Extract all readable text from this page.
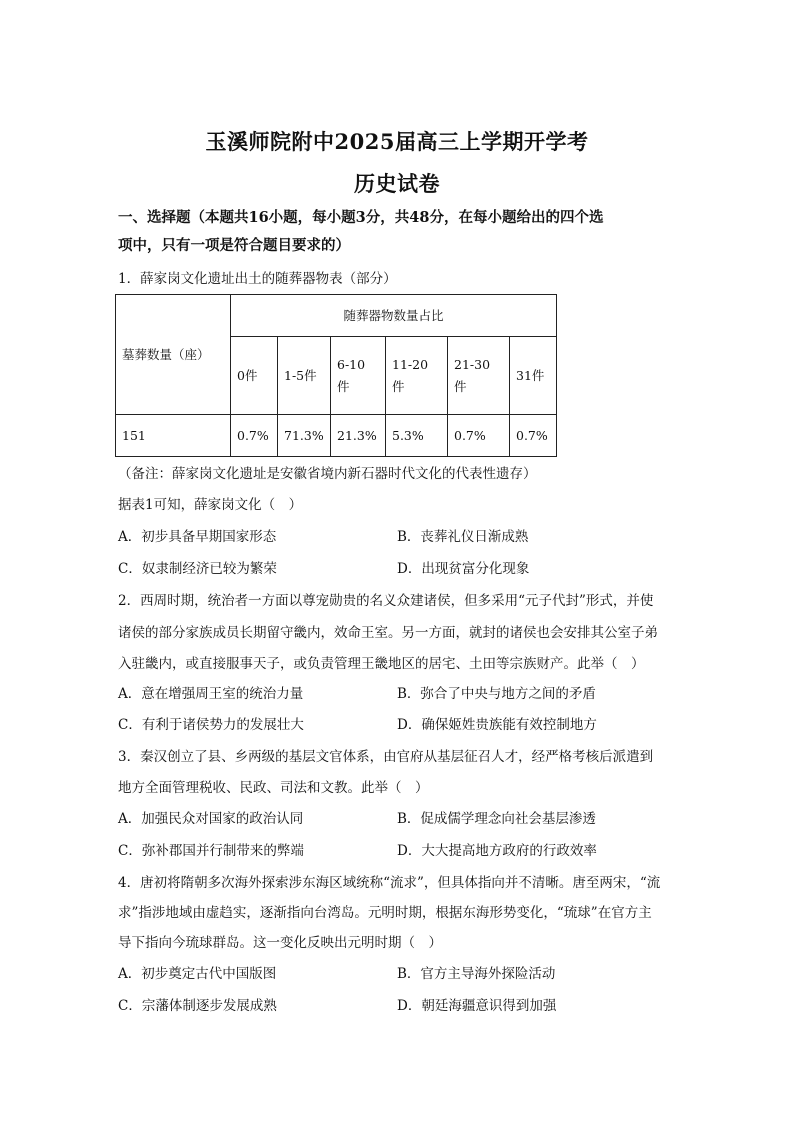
玉溪师院附中2025届高三上学期开学考
历史试卷
一、选择题（本题共16小题，每小题3分，共48分，在每小题给出的四个选
项中，只有一项是符合题目要求的）
1．薛家岗文化遗址出土的随葬器物表（部分）
墓葬数量（座）	随葬器物数量占比					
	0件	1-5件	6-10
件	11-20
件	21-30
件	31件
151	0.7%	71.3%	21.3%	5.3%	0.7%	0.7%
（备注：薛家岗文化遗址是安徽省境内新石器时代文化的代表性遗存）
据表1可知，薛家岗文化（　）
A．初步具备早期国家形态	B．丧葬礼仪日渐成熟
C．奴隶制经济已较为繁荣	D．出现贫富分化现象
2．西周时期，统治者一方面以尊宠勋贵的名义众建诸侯，但多采用“元子代封”形式，并使
诸侯的部分家族成员长期留守畿内，效命王室。另一方面，就封的诸侯也会安排其公室子弟
入驻畿内，或直接服事天子，或负责管理王畿地区的居宅、土田等宗族财产。此举（　）
A．意在增强周王室的统治力量	B．弥合了中央与地方之间的矛盾
C．有利于诸侯势力的发展壮大	D．确保姬姓贵族能有效控制地方
3．秦汉创立了县、乡两级的基层文官体系，由官府从基层征召人才，经严格考核后派遣到
地方全面管理税收、民政、司法和文教。此举（　）
A．加强民众对国家的政治认同	B．促成儒学理念向社会基层渗透
C．弥补郡国并行制带来的弊端	D．大大提高地方政府的行政效率
4．唐初将隋朝多次海外探索涉东海区域统称“流求”，但具体指向并不清晰。唐至两宋，“流
求”指涉地域由虚趋实，逐渐指向台湾岛。元明时期，根据东海形势变化，“琉球”在官方主
导下指向今琉球群岛。这一变化反映出元明时期（　）
A．初步奠定古代中国版图	B．官方主导海外探险活动
C．宗藩体制逐步发展成熟	D．朝廷海疆意识得到加强
